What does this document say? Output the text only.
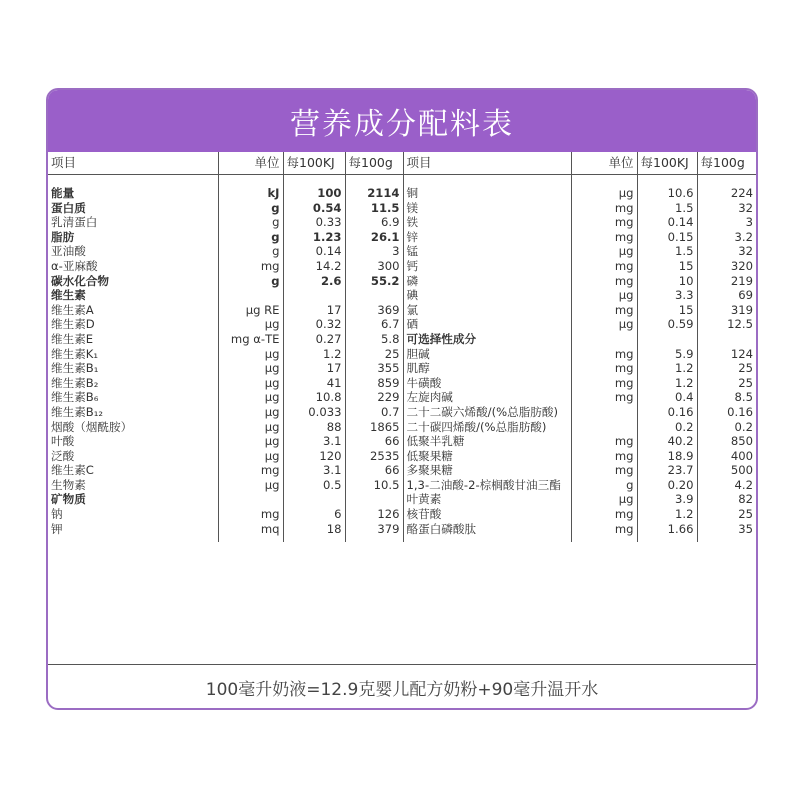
营养成分配料表
项目	单位	每100KJ	每100g	项目	单位	每100KJ	每100g

能量	kJ	100	2114	铜	μg	10.6	224
蛋白质	g	0.54	11.5	镁	mg	1.5	32
乳清蛋白	g	0.33	6.9	铁	mg	0.14	3
脂肪	g	1.23	26.1	锌	mg	0.15	3.2
亚油酸	g	0.14	3	锰	μg	1.5	32
α-亚麻酸	mg	14.2	300	钙	mg	15	320
碳水化合物	g	2.6	55.2	磷	mg	10	219
维生素				碘	μg	3.3	69
维生素A	μg RE	17	369	氯	mg	15	319
维生素D	μg	0.32	6.7	硒	μg	0.59	12.5
维生素E	mg α-TE	0.27	5.8	可选择性成分			
维生素K₁	μg	1.2	25	胆碱	mg	5.9	124
维生素B₁	μg	17	355	肌醇	mg	1.2	25
维生素B₂	μg	41	859	牛磺酸	mg	1.2	25
维生素B₆	μg	10.8	229	左旋肉碱	mg	0.4	8.5
维生素B₁₂	μg	0.033	0.7	二十二碳六烯酸/(%总脂肪酸)		0.16	0.16
烟酸（烟酰胺）	μg	88	1865	二十碳四烯酸/(%总脂肪酸)		0.2	0.2
叶酸	μg	3.1	66	低聚半乳糖	mg	40.2	850
泛酸	μg	120	2535	低聚果糖	mg	18.9	400
维生素C	mg	3.1	66	多聚果糖	mg	23.7	500
生物素	μg	0.5	10.5	1,3-二油酸-2-棕榈酸甘油三酯	g	0.20	4.2
矿物质				叶黄素	μg	3.9	82
钠	mg	6	126	核苷酸	mg	1.2	25
钾	mq	18	379	酪蛋白磷酸肽	mg	1.66	35
100毫升奶液=12.9克婴儿配方奶粉+90毫升温开水
